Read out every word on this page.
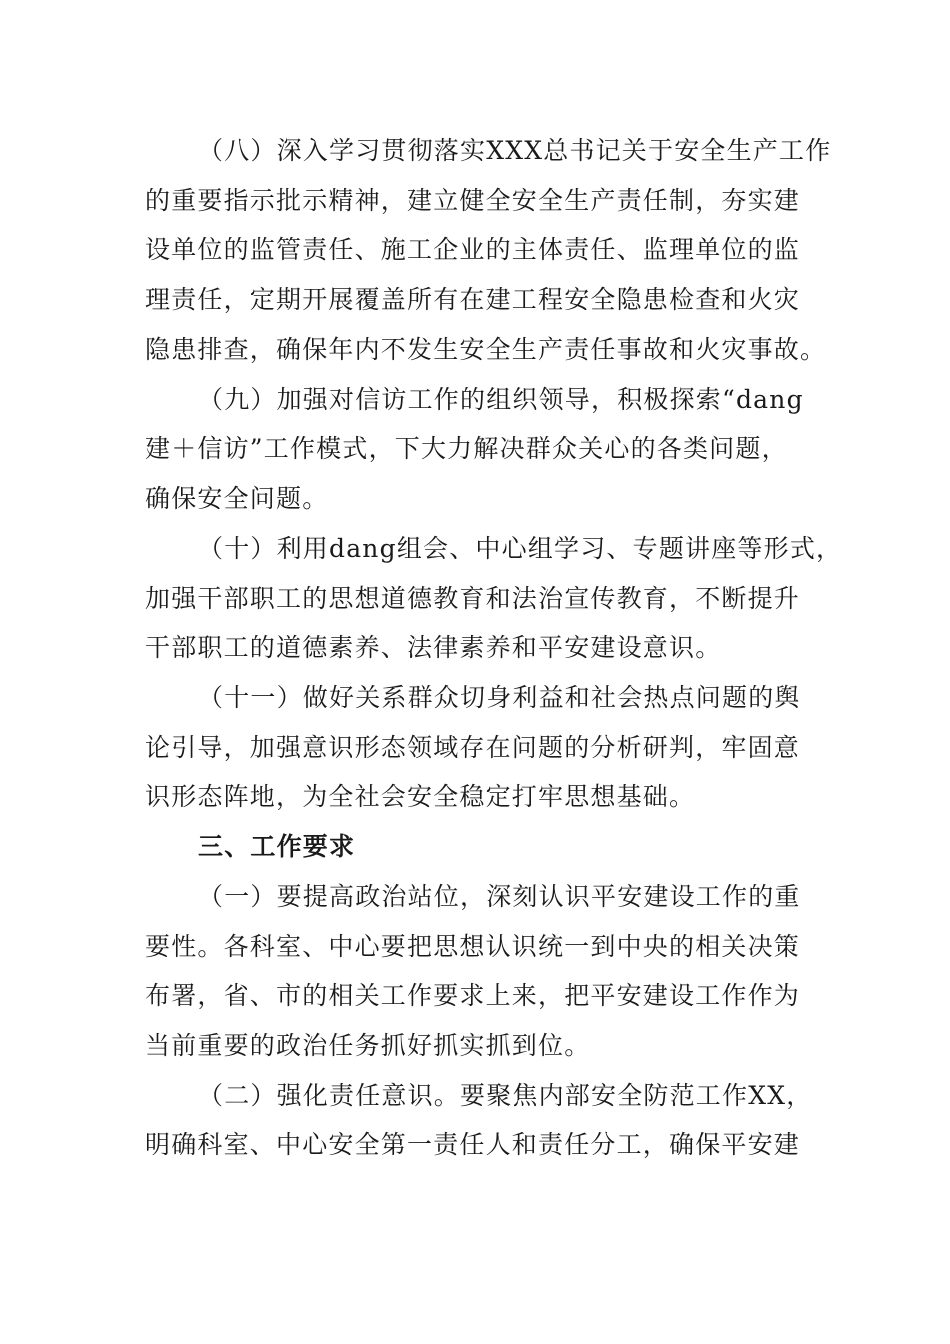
（八）深入学习贯彻落实XXX总书记关于安全生产工作
的重要指示批示精神，建立健全安全生产责任制，夯实建
设单位的监管责任、施工企业的主体责任、监理单位的监
理责任，定期开展覆盖所有在建工程安全隐患检查和火灾
隐患排查，确保年内不发生安全生产责任事故和火灾事故。
（九）加强对信访工作的组织领导，积极探索“dang
建＋信访”工作模式，下大力解决群众关心的各类问题，
确保安全问题。
（十）利用dang组会、中心组学习、专题讲座等形式，
加强干部职工的思想道德教育和法治宣传教育，不断提升
干部职工的道德素养、法律素养和平安建设意识。
（十一）做好关系群众切身利益和社会热点问题的舆
论引导，加强意识形态领域存在问题的分析研判，牢固意
识形态阵地，为全社会安全稳定打牢思想基础。
三、工作要求
（一）要提高政治站位，深刻认识平安建设工作的重
要性。各科室、中心要把思想认识统一到中央的相关决策
布署，省、市的相关工作要求上来，把平安建设工作作为
当前重要的政治任务抓好抓实抓到位。
（二）强化责任意识。要聚焦内部安全防范工作XX，
明确科室、中心安全第一责任人和责任分工，确保平安建
